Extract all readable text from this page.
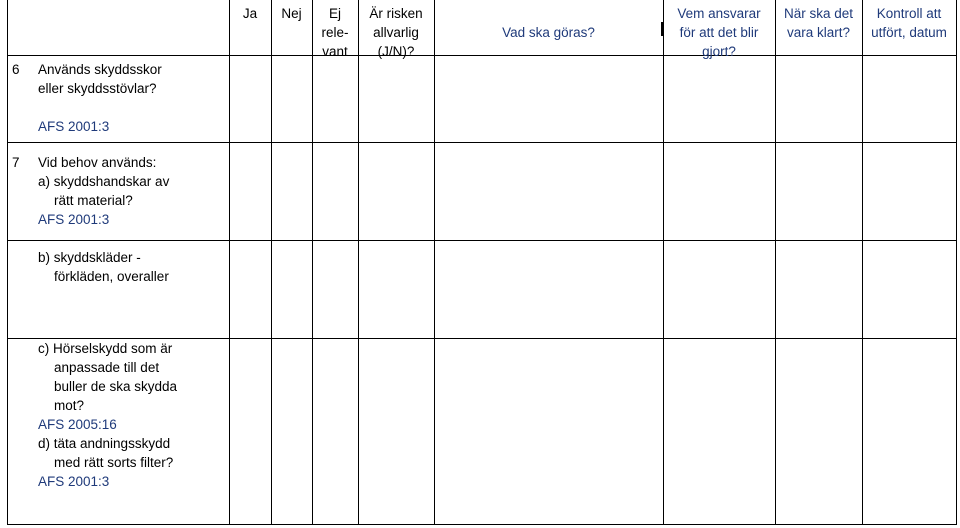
Ja	Nej	Ej
rele-
vant
Är risken
allvarlig
(J/N)?
Vad ska göras?
Vem ansvarar
för att det blir
gjort?
När ska det
vara klart?
Kontroll att
utfört, datum
6 Används skyddsskor
eller skyddsstövlar?
AFS 2001:3
7 Vid behov används:
a) skyddshandskar av
rätt material?
AFS 2001:3
b) skyddskläder -
förkläden, overaller
c) Hörselskydd som är
anpassade till det
buller de ska skydda
mot?
AFS 2005:16
d) täta andningsskydd
med rätt sorts filter?
AFS 2001:3
